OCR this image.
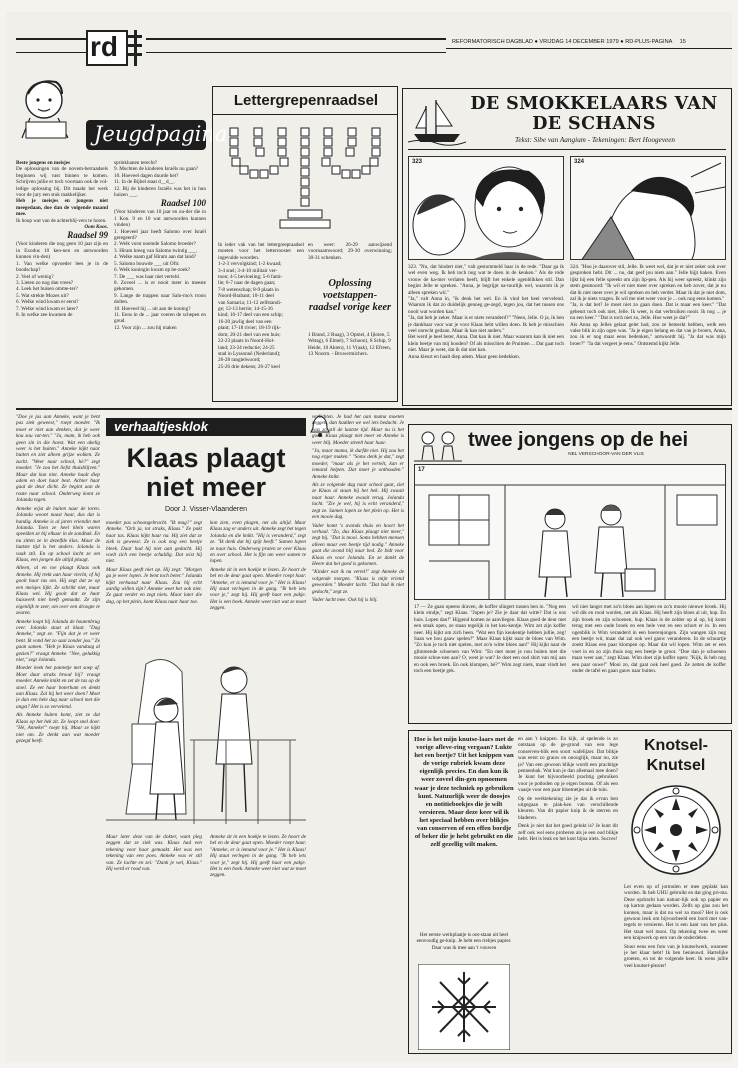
rd	REFORMATORISCH DAGBLAD ● VRIJDAG 14 DECEMBER 1979 ● RD-PLUS-PAGINA 15
Jeugdpagina
Beste jongens en meisjes
De oplossingen van de novem-berraadsels beginnen wij vast binnen te komen. Schrijven jullie er toch voortaan ook de vol-ledige oplossing bij. Dit maakt het werk voor de jury een stuk makkelijker.
Heb je meisjes en jongens niet meegedaan, doe dan de volgende maand mee.
Ik hoop wat van de achterblij-vers te horen.
Oom Koos.
Raadsel 99
(Voor kinderen die nog geen 10 jaar zijn en in Exodus 10 ken-nen en antwoorden kunnen vin-den)
1. Van welke opvoeder lees je in de boodschap?
2. Veel of weinig?
3. Lieten zo nog dan vrees?
4. Leek het huisen omme-ter?
5. Wat strekte Mozes uit?
6. Welke wind kwam er eerst?
7. Welke wind kwam er later?
8. In welke zee kwamen de
sprinkhanen terecht?
9. Mochten de kinderen Israëls nu gaan?
10. Hoeveel dagen duurde het?
11. In de Bijbel staat d__d__.
12. Bij de kinderen Israëls was het in hun huizen ___.
Raadsel 100
(Voor kinderen van 10 jaar en ou-der die in 1 Kon. 9 en 10 wat antwoorden kunnen vinden)
1. Hoeveel jaar heeft Salomo over Israël geregeerd?
2. Welk vorst noemde Salomo broeder?
3. Hiram kreeg van Salomo twintig ___.
4. Welke naam gaf Hiram aan dat land?
5. Salomo bouwde ___ uit Ofir.
6. Welk koningin kwam op be-zoek?
7. De ___ was haar niet verteld.
8. Zoveel ... is er nooit meer in meeste gekomen.
9. Lange de trappen naar Salo-mo's troon dolten.
10. Hoeveel hij ... uit aan de koning?
11. Eens in de ... jaar voeren de schepen en goud.
12. Voor zijn ... zou hij maken
Lettergrepenraadsel
In ieder vak van het lettergreepraadsel moeten voor het letterrooster een ingevulde woorden.
1-2-3 vervolgkind; 1-2 kwaad;
3-4 snel; 3-4-10 militair ver-
toon; 4-5 bevloeiing; 5-6 fami-
lie; 6-7 naar de dagen gaan;
7-8 wetenschap; 8-9 plaats in
Noord-Brabant; 10-11 deel
van Samaria; 11-12 zelfstandi-
ge; 12-13 herrie; 14-15-16
kind; 16-17 deel van een schip;
16-20 jawlig deel van een
plant; 17-18 rivier; 18-19 rijk-
dom; 20-21 deel van een huis;
22-23 plaats in Noord-Hol-
land; 23-24 reductie; 24-25
stad in Lyssonnë (Nederland);
26-28 rangtelwoord;
25-26 drie dekens; 26-27 keel
en weer: 26-29 aanwijzend voornaamwoord; 29-30 overwinning; 30-31 schenken.
Oplossing voetstappen-raadsel vorige keer
1 Brand, 2 Ruag), 3 Opmei, 4 Ijloten, 5 Wetag), 6 Elmel), 7 Schoon), 8 Schip, 9 Heide, 10 Akten), 11 V(aak), 12 Efreen, 13 Noorm. - Bruwermichers.
DE SMOKKELAARS VAN DE SCHANS
Tekst: Sibe van Aangium - Tekeningen: Bert Hoogeveen
323	324
323. "Nu, dat hindert niet," valt gestommeld haar in de rede. "Daar ga ik wel even weg. Ik heb toch nog wat te doen in de keuken." Als de rode vrouw de ka-mer verlaten heeft, blijft het enkele ogenblikken stil. Dan begint Jelle te spreken. "Anna, je begrijpt na-tuurlijk wel, waarom ik je alleen spreken wil."
"Ja," valt Anna in, "ik denk het wel. En ik vind het heel vervelend. Waarom ik dat zo duidelijk genoeg ge-zegd, tegen jou, dat het tussen ons nooit wat worden kan."
"Ja, dat heb je zeker. Maar is er niets veranderd?" "Neen, Jelle. O ja, ik ben je dankbaar voor wat je voor Klaas hebt willen doen. Ik heb je misschien veel onrecht gedaan. Maar ik kan niet anders."
Het werd je heel beter, Anna. Dat kan ik niet. Maar waarom kan ik niet een klein beetje van mij houden? Of als misschien de Pruimen ... Dat gaat toch niet. Maar je weet, dat ik dat niet kan.
Anna kleurt en haalt diep adem. Maar geen bedekken.
324. "Hou je daarover stil, Jelle. Ik weet wel, dat je er niet zeker ook over gesproken hebt. Dit ... nu, dat geef jou niets aan." Jelle bijjt haken. Even lijkt hij een felle spreekt om zijn lip-pen. Als hij weer spreekt, klinkt zijn stem gesmoord: "Ik wil er niet meer over spreken en heb zover, dat je nu dat ik niet meer over je wil spreken en heb verder. Maar ik dat je niet dom, zal ik je niets vragen. Ik wil me niet weer voor je ... ook nog eens komen."
"Ja, is dat het? Je moet niet zo gaan doen. Dat is maar een keer." "Dat gebeurt toch ook niet, Jelle. Ik weet, is dat verbruiken nooit. Ik nog ... je nu een keer." "Dat is toch niet zo, Jelle. Hoe weet je dat?"
Als Anna op Jelles gelaat gelet had, zou ze bemerkt hebben, welk een valse blik in zijn ogen was. "Ja je eigen belang en dat van je broers, Anna, zou ik er nog maar eens bedenken," antwoordt hij. "Ja dat was mijn broer?" "Ja dat vergeet je eens." Ontstemd kijkt Jelle.
"Doe je jas aan Anneke, want je bent pas ziek geweest," roept moeder. "Ik moet er niet aan denken, dat je weer kou zou vat-ten." "Ja, mam, ik heb ook geen zin in die hoest. Wat een akelig weer is het buiten." Anneke kijkt naar buiten en ziet alleen grijze wolken. Ze zucht. "Weer naar school, hè?" zegt moeder. "Je zou het liefst thuisblijven." Maar dat kan niet. Anneke haalt diep adem en doet haar best. Achter haar gaat de deur dicht. Ze begint aan de route naar school. Onderweg komt ze Jolanda tegen.
Anneke wijst de buiten naar de toren. Jolanda woont naast haar, dus dat is handig. Anneke is al jaren vriendin met Jolanda. Toen ze heel klein waren speelden ze bij elkaar in de zandbak. En nu zitten ze in dezelfde klas. Maar de laatste tijd is het anders. Jolanda is vaak stil. En op school lacht ze om Klaas, een jongen die altijd plaagt.
Alleen, al en toe plaagt Klaas ook Anneke. Hij trekt aan haar vlecht, of hij gooit haar tas om. Hij zegt dat ze op een meisjes lijkt. Ze schrikt niet, maar Klaas wel. Hij gooit dat ze haar huiswerk niet heeft gemaakt. Ze zijn eigenlijk te zeer, om over een droogte te zeuren.
Anneke loopt bij Jolanda de houtenbrug over. Jolanda staat al klaar. "Dag Anneke," zegt ze. "Fijn dat je er weer bent. Ik vond het zo saai zonder jou." Ze gaan samen. "Heb je Klaas vandaag al gezien?" vraagt Anneke. "Nee, gelukkig niet," zegt Jolanda.
Moeder keek het pannetje met soep af. Moet daar straks brood bij? vraagt moeder. Anneke knikt en zet de tas op de stoel. Ze eet haar boterham en denkt aan Klaas. Zal hij het weer doen? Moet je dan een hele dag naar school met die angst? Het is zo vervelend.
Als Anneke buiten komt, ziet ze dat Klaas op het hek zit. Ze loopt snel door. "Hé, Anneke!" roept hij. Maar ze kijkt niet om. Ze denkt aan wat moeder gezegd heeft.
verhaaltjesklok
Klaas plaagt niet meer
Door J. Visser-Vlaanderen
moeder pas schoongebracht. "Ik mag?" zegt Anneke. "Och ja, tot straks, Klaas." Ze pakt haar tas. Klaas kijkt haar na. Hij ziet dat ze ziek is geweest. Ze is ook nog een beetje bleek. Daar had hij niet aan gedacht. Hij voelt zich een beetje schuldig. Dat wist hij niet.
Maar Klaas geeft niet op. Hij zegt: "Morgen ga je weer lopen. Je bent toch beter." Jolanda kijkt verbaasd naar Klaas. Zou hij echt aardig willen zijn? Anneke weet het ook niet. Ze gaat verder en zegt niets. Maar later die dag, op het plein, komt Klaas naar haar toe.
kon zien, even plagen, net als altijd. Maar Klaas zag er anders uit. Anneke zegt het tegen Jolanda en die knikt. "Hij is veranderd," zegt ze. "Ik denk dat hij spijt heeft." Samen lopen ze naar huis. Onderweg praten ze over Klaas en over school. Het is fijn om weer samen te lopen.
Anneke zit in een hoekje te lezen. Ze hoort de bel en de deur gaat open. Moeder roept haar. "Anneke, er is iemand voor je." Het is Klaas! Hij staat verlegen in de gang. "Ik heb iets voor je," zegt hij. Hij geeft haar een pakje. Het is een boek. Anneke weet niet wat ze moet zeggen.
Maar later deze van de dokter, want pleg zeggen dat ze ziek was. Klaas had een tekening voor haar gemaakt. Het was een tekening van een poes. Anneke was er stil van. Ze lachte en zei: "Dank je wel, Klaas." Hij werd er rood van.
Anneke zit in een hoekje te lezen. Ze hoort de bel en de deur gaat open. Moeder roept haar. "Anneke, er is iemand voor je." Het is Klaas! Hij staat verlegen in de gang. "Ik heb iets voor je," zegt hij. Hij geeft haar een pakje. Het is een boek. Anneke weet niet wat ze moet zeggen.
verlichten. Je had het aan mama moeten zeggen, dan hadden we wel iets bedacht. Je was zo stil de laatste tijd. Maar nu is het goed. Klaas plaagt niet meer en Anneke is weer blij. Moeder streelt haar haar.
"Ja, maar mama, ik durfde niet. Hij zou het nog erger maken." "Soms denk je dat," zegt moeder, "maar als je het vertelt, kan er iemand helpen. Dat moet je onthouden." Anneke knikt.
Als ze volgende dag naar school gaat, ziet ze Klaas al staan bij het hek. Hij zwaait naar haar. Anneke zwaait terug. Jolanda lacht. "Zie je wel, hij is echt veranderd," zegt ze. Samen lopen ze het plein op. Het is een mooie dag.
Vader komt 's avonds thuis en hoort het verhaal. "Zo, dus Klaas plaagt niet meer," zegt hij. "Dat is mooi. Soms hebben mensen alleen maar een beetje tijd nodig." Anneke gaat die avond blij naar bed. Ze bidt voor Klaas en voor Jolanda. En ze dankt de Heere dat het goed is gekomen.
"Kinder wat ik nu vertel!" zegt Anneke de volgende morgen. "Klaas is mijn vriend geworden." Moeder lacht. "Dat had ik niet gedacht," zegt ze.
Vader lacht mee. Ook hij is blij.
twee jongens op de hei
NEL VERSCHOOR-VAN DER VLIS
17
17 — Ze gaan opeens draven, de koffer slingert tussen hen in. "Nog een klein eindje," zegt Klaas. "Jopen je? Zie je daar dat witte? Dat is ons huis. Lopen dan!" Hijgend komen ze aanvliegen. Klaas goed de deur met een smak open, ze staan tegelijk in het keu-kentje. Wim zet zijn koffer neer. Hij kijkt om zich heen. "Wat een fijn keukentje hebben jullie, zeg! Saan we hou gaaw spelen?" Maar Klaas kijkt naar de bloes van Wim. "Zo kun je toch niet spelen, met zo'n witte bloes aan!" Hij kijkt naar de glimmende schoenen van Wim: "En met moet je nou buiten met die mooie schoe-nen aan? O, weet je wat? Je doet een oud shirt van mij aan en ook een broek. En ook klompen, hè?" Wim zegt niets, maar vindt het toch een beetje gek.
wil niet langer met zo'n bloes aan lopen en zo'n mooie nieuwe broek. Hij wil dik en rood worden, net als Klaas. Hij heeft zijn bloes al uit, hup. En zijn broek en zijn schoenen, hup. Klaas is de zolder op al op, hij komt terug met een oude broek en een hele vest en een schort er in. In een ogenblik is Wim veranderd in een boerenjongen. Zijn wangen zijn nog een beetje wit, maar dat zal ook wel gauw veranderen. In de schuurtje zoekt Klaas een paar klompen op. Maar dat wil lopen. Wim zet er een voet in en zo zijn thuis nog een beetje te groot. "Doe dan je schoenen maar weer aan," zegt Klaas. Wim doet zijn koffer open: "Kijk, ik heb nog een paar ouwe!" Mooi zo, dat gaat ook heel goed. Ze zetten de koffer onder de tafel en gaan gauw naar buiten.
Hoe is het mijn knutse-laars met de vorige afleve-ring vergaan? Lukte het een beetje? Uit het knippen van de vorige rubriek kwam deze eigenlijk precies. En dan kun ik weer zoveel din-gen opnoemen waar je deze techniek op gebruiken kunt. Natuurlijk weer de doosjes en notitieboekjes die je wilt versieren. Maar deze keer wil ik het speciaal hebben over blikjes van conserven of een effen bordje of beker die je hebt gebruikt en die zelf gezellig wilt maken.
Het eerste werkplaatje is ont-staan uit heel eenvoudig ge-knip. Je hebt een riebjes papier. Daar was ik mee aan 't vouwen
en aan 't knippen. En kijk, al spelende is zo ontstaan op de ge-grond van een lege conserven-blik een soort wafelijzer. Dat blikje was eerst zo grauw en onooglijk, maar nu, zie je? Van een gewoon blikje wordt een prachtige pennenbak. Wat kun je dan allemaal mee doen? Je kunt het bijvoorbeeld prachtig gebruiken voor je potloden op je eigen bureau. Of als een vaasje voor een paar bloemetjes uit de tuin.
Op de werktekening zie je dat ik ervan ben uitgegaan te plak-ken van verschillende kleuren. Van dit papier knip ik de sterren en bladeren.
Denk je niet dat het goed gelukt is? Je kunt dit zelf ook wel eens proberen als je een oud blikje hebt. Het is leuk en het kost bijna niets. Succes!
Knotsel-Knutsel
Let even op of jormulen er mee geplakt kan worden. Ik heb UHU gebruikt en dat ging pri-ma. Deze opdracht kan natuur-lijk ook op papier en op karton gedaan worden. Zelfs op glas zou het kunnen, maar is dat nu wel zo mooi? Het is ook gewoon leuk om bijvoorbeeld een bord met van-tegels te versieren. Het is een kant van het plus. Het staat wel mooi. Op tekening twee en weer een knipwerk op een van de onderdelen.
Stuur eens een foto van je knutselwerk, wanneer je het klaar hebt! Ik ben benieuwd. Hartelijke groeten, en tot de volgende keer. Ik wens jullie veel knutsel-plezier!
